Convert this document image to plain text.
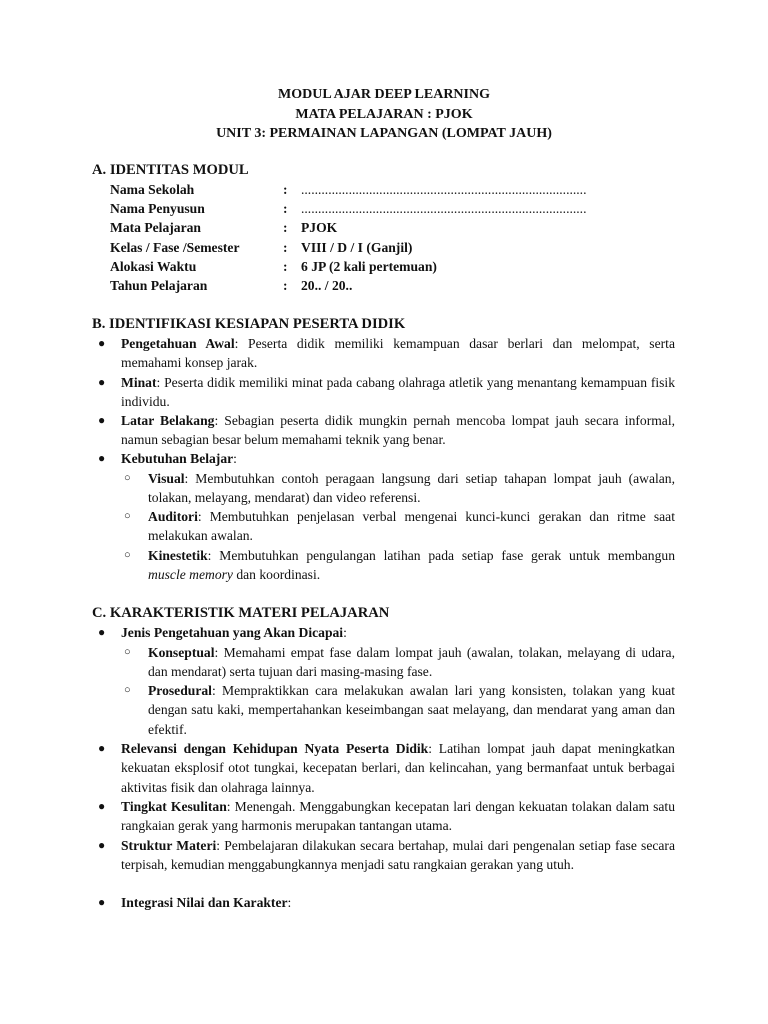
MODUL AJAR DEEP LEARNING
MATA PELAJARAN : PJOK
UNIT 3: PERMAINAN LAPANGAN (LOMPAT JAUH)
A. IDENTITAS MODUL
Nama Sekolah	: ....................................................................................
Nama Penyusun	: ....................................................................................
Mata Pelajaran	: PJOK
Kelas / Fase /Semester	: VIII / D / I (Ganjil)
Alokasi Waktu	: 6 JP (2 kali pertemuan)
Tahun Pelajaran	: 20.. / 20..
B. IDENTIFIKASI KESIAPAN PESERTA DIDIK
● Pengetahuan Awal: Peserta didik memiliki kemampuan dasar berlari dan melompat, serta memahami konsep jarak.
● Minat: Peserta didik memiliki minat pada cabang olahraga atletik yang menantang kemampuan fisik individu.
● Latar Belakang: Sebagian peserta didik mungkin pernah mencoba lompat jauh secara informal, namun sebagian besar belum memahami teknik yang benar.
● Kebutuhan Belajar:
○ Visual: Membutuhkan contoh peragaan langsung dari setiap tahapan lompat jauh (awalan, tolakan, melayang, mendarat) dan video referensi.
○ Auditori: Membutuhkan penjelasan verbal mengenai kunci-kunci gerakan dan ritme saat melakukan awalan.
○ Kinestetik: Membutuhkan pengulangan latihan pada setiap fase gerak untuk membangun muscle memory dan koordinasi.
C. KARAKTERISTIK MATERI PELAJARAN
● Jenis Pengetahuan yang Akan Dicapai:
○ Konseptual: Memahami empat fase dalam lompat jauh (awalan, tolakan, melayang di udara, dan mendarat) serta tujuan dari masing-masing fase.
○ Prosedural: Mempraktikkan cara melakukan awalan lari yang konsisten, tolakan yang kuat dengan satu kaki, mempertahankan keseimbangan saat melayang, dan mendarat yang aman dan efektif.
● Relevansi dengan Kehidupan Nyata Peserta Didik: Latihan lompat jauh dapat meningkatkan kekuatan eksplosif otot tungkai, kecepatan berlari, dan kelincahan, yang bermanfaat untuk berbagai aktivitas fisik dan olahraga lainnya.
● Tingkat Kesulitan: Menengah. Menggabungkan kecepatan lari dengan kekuatan tolakan dalam satu rangkaian gerak yang harmonis merupakan tantangan utama.
● Struktur Materi: Pembelajaran dilakukan secara bertahap, mulai dari pengenalan setiap fase secara terpisah, kemudian menggabungkannya menjadi satu rangkaian gerakan yang utuh.
● Integrasi Nilai dan Karakter:
